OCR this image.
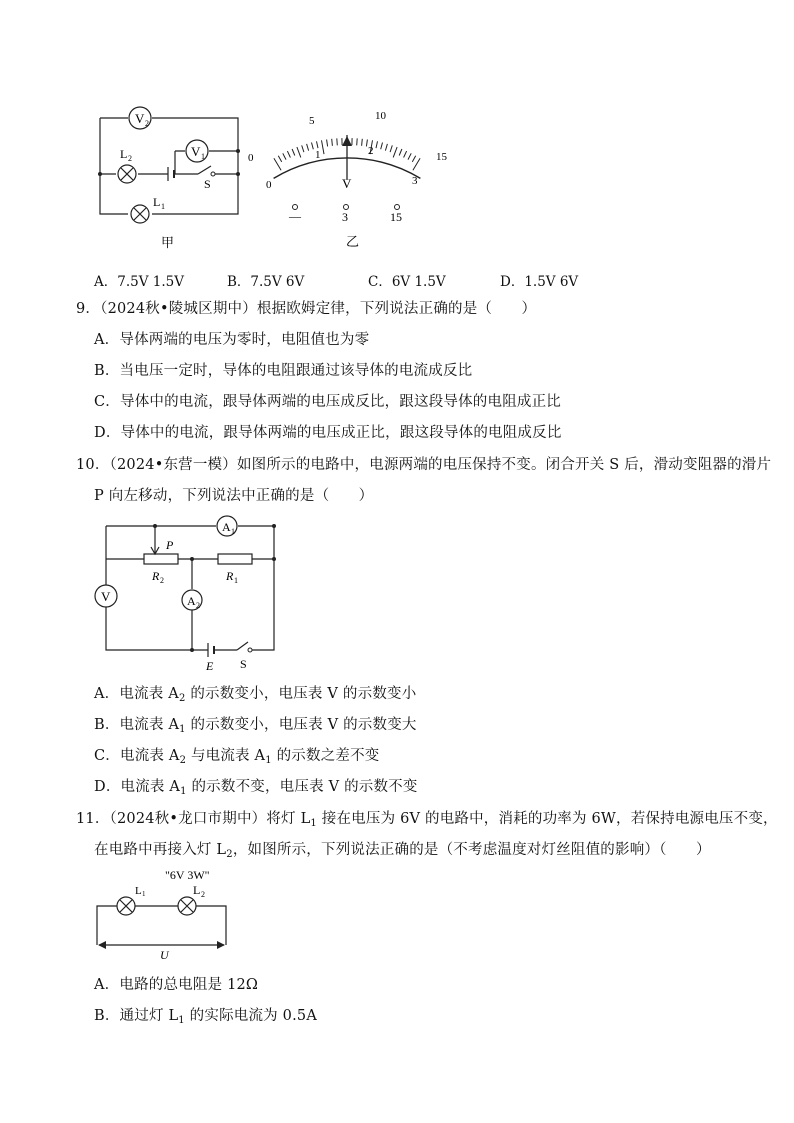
V 2
V 1
L 2
L 1
S
甲
0
5	10
15
0
1	2
3
V
—	3	15
乙
A．7.5V 1.5V	B．7.5V 6V	C．6V 1.5V	D．1.5V 6V
9．（2024秋•陵城区期中）根据欧姆定律，下列说法正确的是（　　）
A．导体两端的电压为零时，电阻值也为零
B．当电压一定时，导体的电阻跟通过该导体的电流成反比
C．导体中的电流，跟导体两端的电压成反比，跟这段导体的电阻成正比
D．导体中的电流，跟导体两端的电压成正比，跟这段导体的电阻成反比
10．（2024•东营一模）如图所示的电路中，电源两端的电压保持不变。闭合开关 S 后，滑动变阻器的滑片
P 向左移动，下列说法中正确的是（　　）
A 1
V	A 2
P
R 2	R 1
E S
A．电流表 $A_2$ 的示数变小，电压表 V 的示数变小
B．电流表 $A_1$ 的示数变小，电压表 V 的示数变大
C．电流表 $A_2$ 与电流表 $A_1$ 的示数之差不变
D．电流表 $A_1$ 的示数不变，电压表 V 的示数不变
11．（2024秋•龙口市期中）将灯 $L_1$ 接在电压为 6V 的电路中，消耗的功率为 6W，若保持电源电压不变，
在电路中再接入灯 $L_2$，如图所示，下列说法正确的是（不考虑温度对灯丝阻值的影响）（　　）
"6V 3W"
L 1	L 2
U
A．电路的总电阻是 12Ω
B．通过灯 $L_1$ 的实际电流为 0.5A
